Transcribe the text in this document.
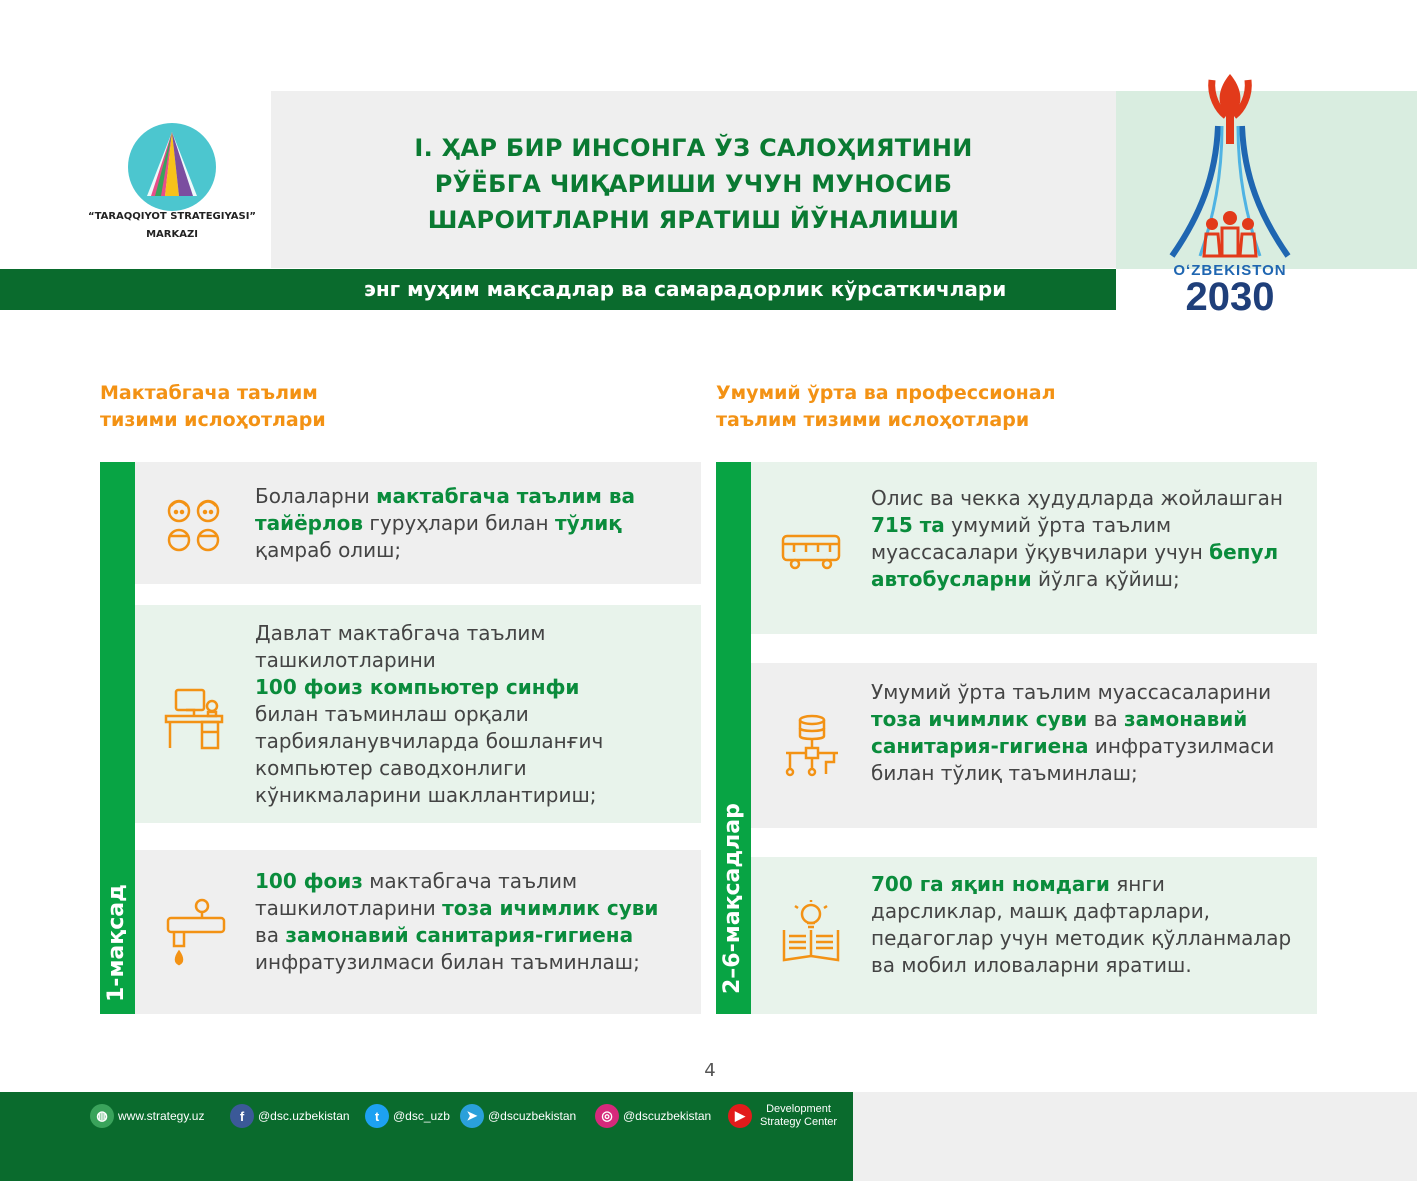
“TARAQQIYOT STRATEGIYASI”
MARKAZI
I. ҲАР БИР ИНСОНГА ЎЗ САЛОҲИЯТИНИ
РЎЁБГА ЧИҚАРИШИ УЧУН МУНОСИБ
ШАРОИТЛАРНИ ЯРАТИШ ЙЎНАЛИШИ
энг муҳим мақсадлар ва самарадорлик кўрсаткичлари
OʻZBEKISTON
2030
Мактабгача таълим
тизими ислоҳотлари
1-мақсад
Болаларни мактабгача таълим ва тайёрлов гуруҳлари билан тўлиқ қамраб олиш;
Давлат мактабгача таълим ташкилотларини
100 фоиз компьютер синфи
билан таъминлаш орқали тарбияланувчиларда бошланғич компьютер саводхонлиги кўникмаларини шакллантириш;
100 фоиз мактабгача таълим ташкилотларини тоза ичимлик суви ва замонавий санитария-гигиена инфратузилмаси билан таъминлаш;
Умумий ўрта ва профессионал
таълим тизими ислоҳотлари
2–6-мақсадлар
Олис ва чекка ҳудудларда жойлашган 715 та умумий ўрта таълим муассасалари ўқувчилари учун бепул автобусларни йўлга қўйиш;
Умумий ўрта таълим муассасаларини тоза ичимлик суви ва замонавий санитария-гигиена инфратузилмаси билан тўлиқ таъминлаш;
700 га яқин номдаги янги дарсликлар, машқ дафтарлари, педагоглар учун методик қўлланмалар ва мобил иловаларни яратиш.
4
◍ www.strategy.uz	f	@dsc.uzbekistan	t	@dsc_uzb	➤ @dscuzbekistan	◎ @dscuzbekistan	▶	Development
Strategy Center
